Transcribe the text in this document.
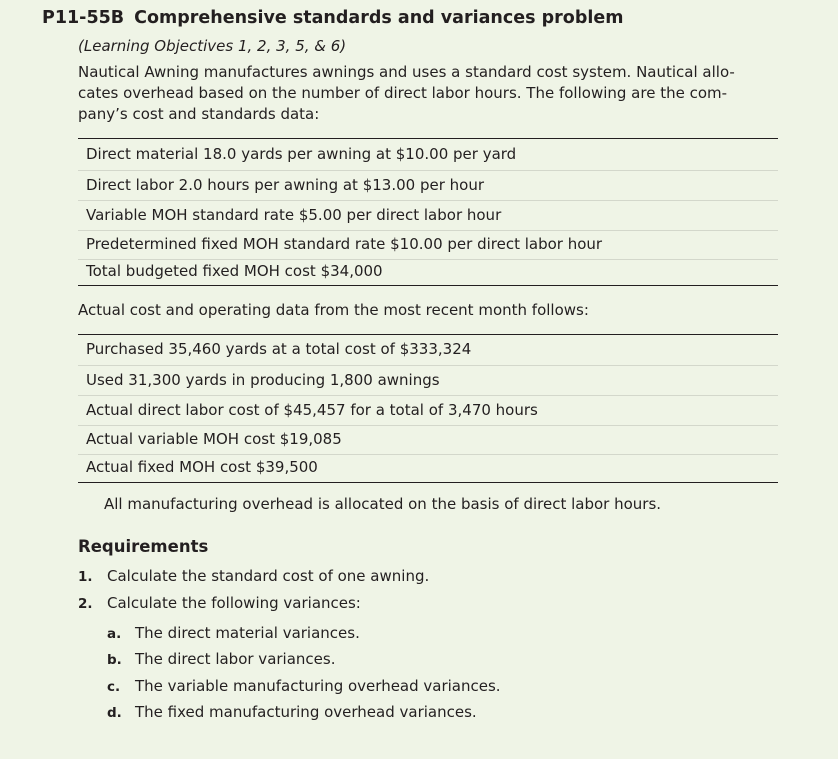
P11-55B Comprehensive standards and variances problem
(Learning Objectives 1, 2, 3, 5, & 6)
Nautical Awning manufactures awnings and uses a standard cost system. Nautical allo-
cates overhead based on the number of direct labor hours. The following are the com-
pany’s cost and standards data:
Direct material 18.0 yards per awning at $10.00 per yard
Direct labor 2.0 hours per awning at $13.00 per hour
Variable MOH standard rate $5.00 per direct labor hour
Predetermined fixed MOH standard rate $10.00 per direct labor hour
Total budgeted fixed MOH cost $34,000
Actual cost and operating data from the most recent month follows:
Purchased 35,460 yards at a total cost of $333,324
Used 31,300 yards in producing 1,800 awnings
Actual direct labor cost of $45,457 for a total of 3,470 hours
Actual variable MOH cost $19,085
Actual fixed MOH cost $39,500
All manufacturing overhead is allocated on the basis of direct labor hours.
Requirements
1. Calculate the standard cost of one awning.
2. Calculate the following variances:
a. The direct material variances.
b. The direct labor variances.
c. The variable manufacturing overhead variances.
d. The fixed manufacturing overhead variances.
